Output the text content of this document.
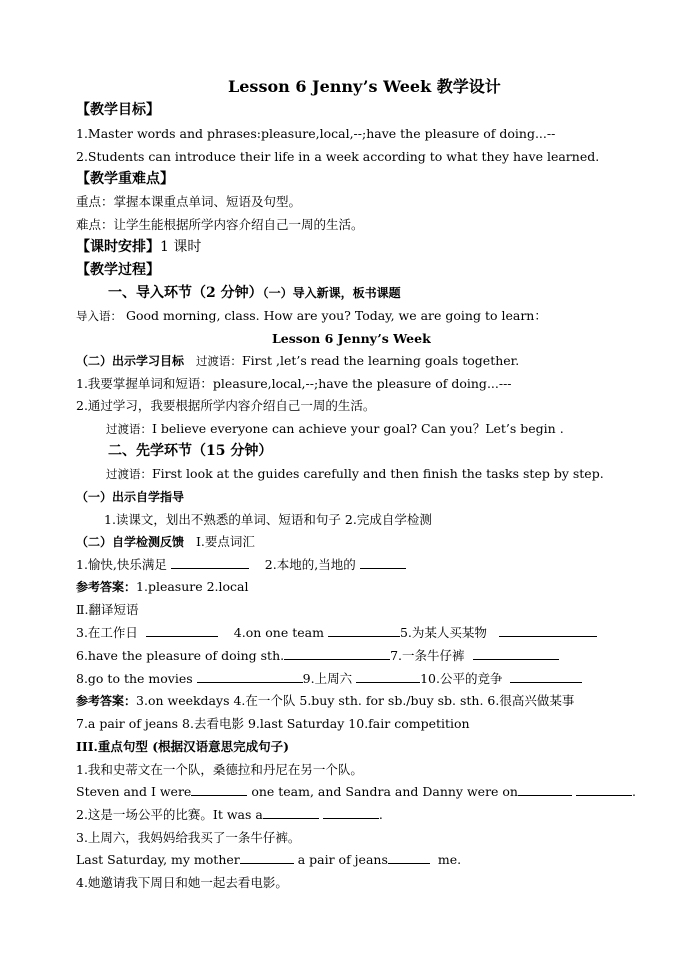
Lesson 6 Jenny’s Week 教学设计
【教学目标】
1.Master words and phrases:pleasure,local,--;have the pleasure of doing...--
2.Students can introduce their life in a week according to what they have learned.
【教学重难点】
重点：掌握本课重点单词、短语及句型。
难点：让学生能根据所学内容介绍自己一周的生活。
【课时安排】1 课时
【教学过程】
一、导入环节（2 分钟）（一）导入新课，板书课题
导入语： Good morning, class. How are you? Today, we are going to learn：
Lesson 6 Jenny’s Week
（二）出示学习目标 过渡语：First ,let’s read the learning goals together.
1.我要掌握单词和短语：pleasure,local,--;have the pleasure of doing...---
2.通过学习，我要根据所学内容介绍自己一周的生活。
过渡语：I believe everyone can achieve your goal? Can you？Let’s begin .
二、先学环节（15 分钟）
过渡语：First look at the guides carefully and then finish the tasks step by step.
（一）出示自学指导
1.读课文，划出不熟悉的单词、短语和句子 2.完成自学检测
（二）自学检测反馈 Ⅰ.要点词汇
1.愉快,快乐满足	2.本地的,当地的
参考答案：1.pleasure 2.local
Ⅱ.翻译短语
3.在工作日	4.on one team	5.为某人买某物
6.have the pleasure of doing sth.	7.一条牛仔裤
8.go to the movies	9.上周六	10.公平的竞争
参考答案：3.on weekdays 4.在一个队 5.buy sth. for sb./buy sb. sth. 6.很高兴做某事
7.a pair of jeans 8.去看电影 9.last Saturday 10.fair competition
III.重点句型 (根据汉语意思完成句子)
1.我和史蒂文在一个队，桑德拉和丹尼在另一个队。
Steven and I were	one team, and Sandra and Danny were on	.
2.这是一场公平的比赛。It was a	.
3.上周六，我妈妈给我买了一条牛仔裤。
Last Saturday, my mother	a pair of jeans	me.
4.她邀请我下周日和她一起去看电影。
